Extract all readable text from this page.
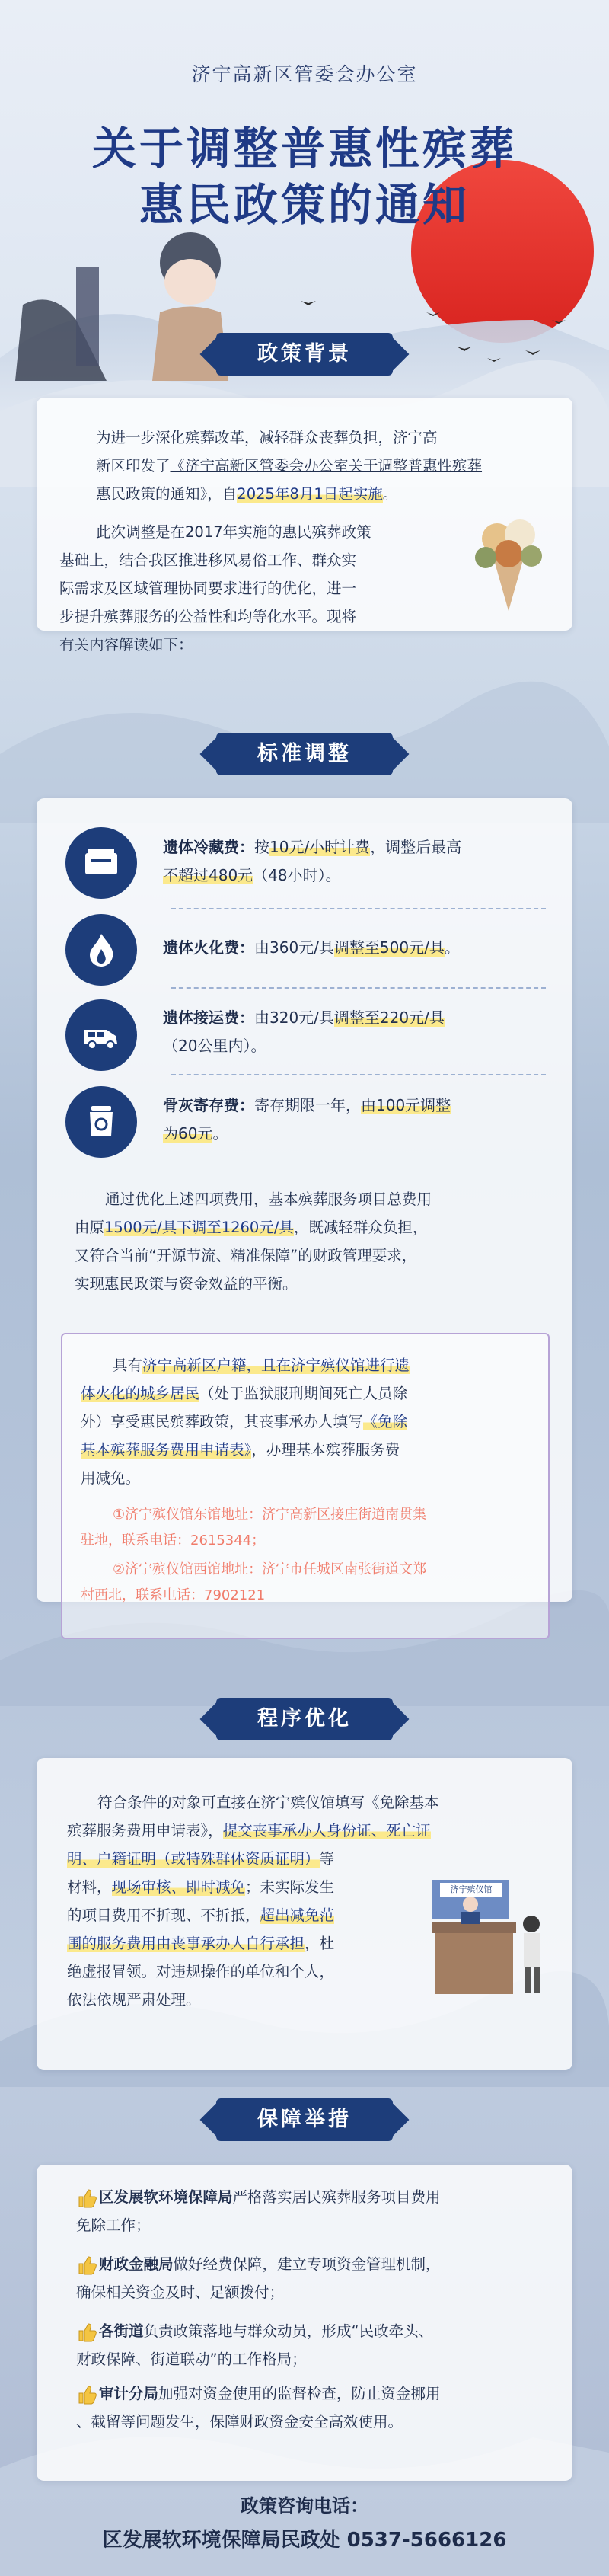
济宁高新区管委会办公室
关于调整普惠性殡葬
惠民政策的通知
政策背景
为进一步深化殡葬改革，减轻群众丧葬负担，济宁高
新区印发了《济宁高新区管委会办公室关于调整普惠性殡葬
惠民政策的通知》，自2025年8月1日起实施。
此次调整是在2017年实施的惠民殡葬政策
基础上，结合我区推进移风易俗工作、群众实
际需求及区域管理协同要求进行的优化，进一
步提升殡葬服务的公益性和均等化水平。现将
有关内容解读如下：
标准调整
遗体冷藏费：按10元/小时计费，调整后最高
不超过480元（48小时）。
遗体火化费：由360元/具调整至500元/具。
遗体接运费：由320元/具调整至220元/具
（20公里内）。
骨灰寄存费：寄存期限一年，由100元调整
为60元。
通过优化上述四项费用，基本殡葬服务项目总费用
由原1500元/具下调至1260元/具，既减轻群众负担，
又符合当前“开源节流、精准保障”的财政管理要求，
实现惠民政策与资金效益的平衡。
具有济宁高新区户籍，且在济宁殡仪馆进行遗
体火化的城乡居民（处于监狱服刑期间死亡人员除
外）享受惠民殡葬政策，其丧事承办人填写《免除
基本殡葬服务费用申请表》，办理基本殡葬服务费
用减免。
①济宁殡仪馆东馆地址：济宁高新区接庄街道南贯集
驻地，联系电话：2615344；
②济宁殡仪馆西馆地址：济宁市任城区南张街道文郑
村西北，联系电话：7902121
程序优化
符合条件的对象可直接在济宁殡仪馆填写《免除基本
殡葬服务费用申请表》，提交丧事承办人身份证、死亡证
明、户籍证明（或特殊群体资质证明）等
材料，现场审核、即时减免；未实际发生
的项目费用不折现、不折抵，超出减免范
围的服务费用由丧事承办人自行承担，杜
绝虚报冒领。对违规操作的单位和个人，
依法依规严肃处理。
济宁殡仪馆
保障举措
区发展软环境保障局严格落实居民殡葬服务项目费用
免除工作；
财政金融局做好经费保障，建立专项资金管理机制，
确保相关资金及时、足额拨付；
各街道负责政策落地与群众动员，形成“民政牵头、
财政保障、街道联动”的工作格局；
审计分局加强对资金使用的监督检查，防止资金挪用
、截留等问题发生，保障财政资金安全高效使用。
政策咨询电话：
区发展软环境保障局民政处 0537-5666126
